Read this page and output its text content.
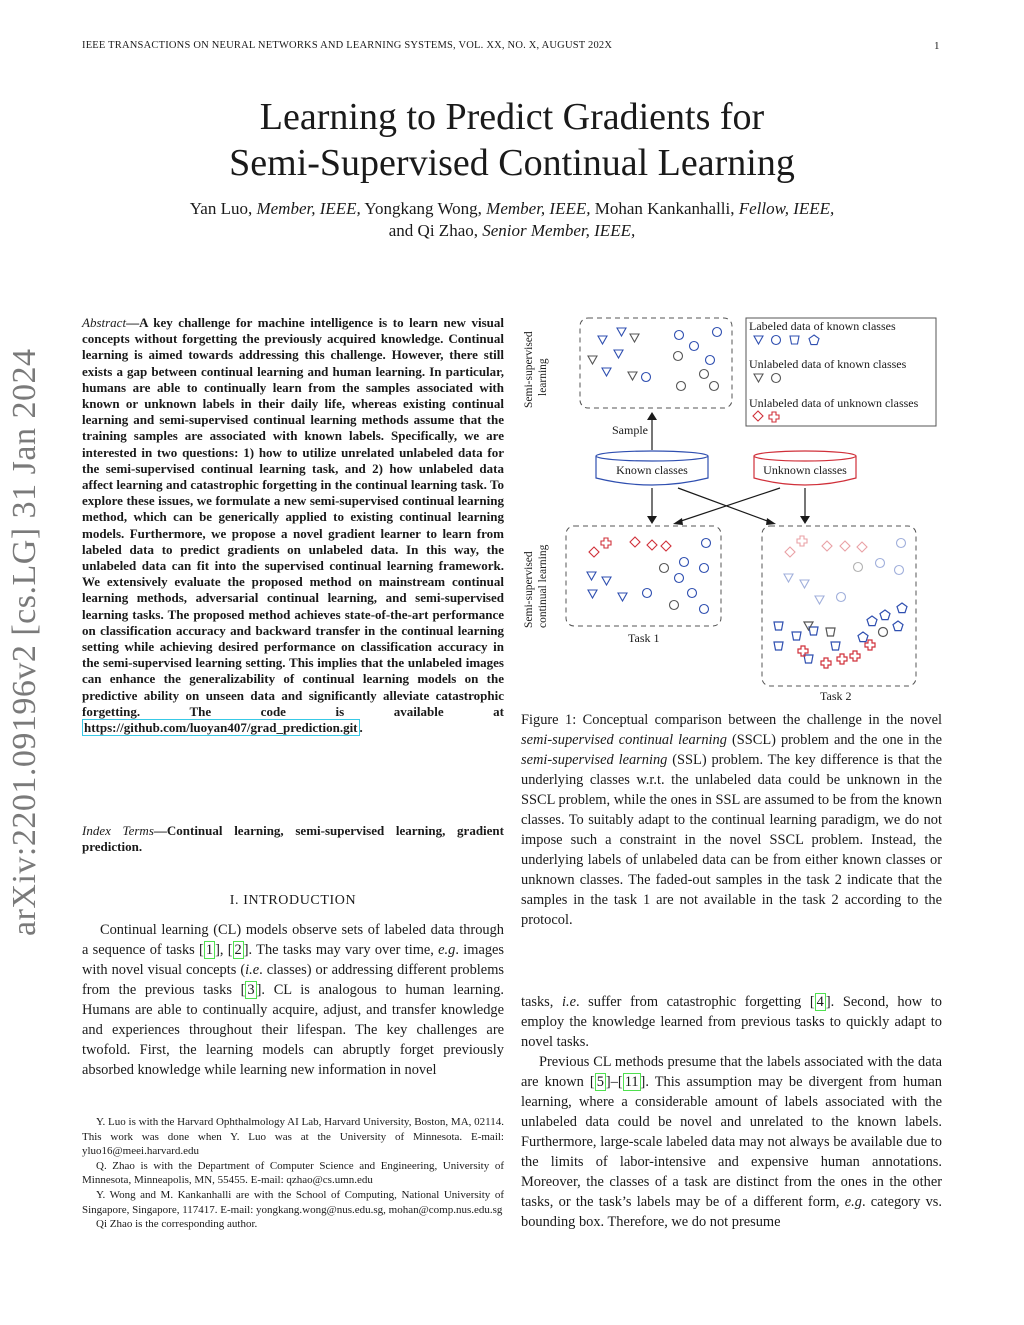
IEEE TRANSACTIONS ON NEURAL NETWORKS AND LEARNING SYSTEMS, VOL. XX, NO. X, AUGUST 202X	1
arXiv:2201.09196v2 [cs.LG] 31 Jan 2024
Learning to Predict Gradients for
Semi-Supervised Continual Learning
Yan Luo, Member, IEEE, Yongkang Wong, Member, IEEE, Mohan Kankanhalli, Fellow, IEEE,
and Qi Zhao, Senior Member, IEEE,
Abstract—A key challenge for machine intelligence is to learn new visual concepts without forgetting the previously acquired knowledge. Continual learning is aimed towards addressing this challenge. However, there still exists a gap between continual learning and human learning. In particular, humans are able to continually learn from the samples associated with known or unknown labels in their daily life, whereas existing continual learning and semi-supervised continual learning methods assume that the training samples are associated with known labels. Specifically, we are interested in two questions: 1) how to utilize unrelated unlabeled data for the semi-supervised continual learning task, and 2) how unlabeled data affect learning and catastrophic forgetting in the continual learning task. To explore these issues, we formulate a new semi-supervised continual learning method, which can be generically applied to existing continual learning models. Furthermore, we propose a novel gradient learner to learn from labeled data to predict gradients on unlabeled data. In this way, the unlabeled data can fit into the supervised continual learning framework. We extensively evaluate the proposed method on mainstream continual learning methods, adversarial continual learning, and semi-supervised learning tasks. The proposed method achieves state-of-the-art performance on classification accuracy and backward transfer in the continual learning setting while achieving desired performance on classification accuracy in the semi-supervised learning setting. This implies that the unlabeled images can enhance the generalizability of continual learning models on the predictive ability on unseen data and significantly alleviate catastrophic forgetting. The code is available at https://github.com/luoyan407/grad_prediction.git .
Index Terms—Continual learning, semi-supervised learning, gradient prediction.
I. INTRODUCTION
Continual learning (CL) models observe sets of labeled data through a sequence of tasks [ 1 ], [ 2 ]. The tasks may vary over time, e.g. images with novel visual concepts (i.e. classes) or addressing different problems from the previous tasks [ 3 ]. CL is analogous to human learning. Humans are able to continually acquire, adjust, and transfer knowledge and experiences throughout their lifespan. The key challenges are twofold. First, the learning models can abruptly forget previously absorbed knowledge while learning new information in novel

Y. Luo is with the Harvard Ophthalmology AI Lab, Harvard University, Boston, MA, 02114. This work was done when Y. Luo was at the University of Minnesota. E-mail: yluo16@meei.harvard.edu

Q. Zhao is with the Department of Computer Science and Engineering, University of Minnesota, Minneapolis, MN, 55455. E-mail: qzhao@cs.umn.edu

Y. Wong and M. Kankanhalli are with the School of Computing, National University of Singapore, Singapore, 117417. E-mail: yongkang.wong@nus.edu.sg, mohan@comp.nus.edu.sg

Qi Zhao is the corresponding author.

Semi-supervised learning
Semi-supervised continual learning
Labeled data of known classes
Unlabeled data of known classes
Unlabeled data of unknown classes
Sample
Known classes	Unknown classes
Task 1
Task 2
Figure 1: Conceptual comparison between the challenge in the novel semi-supervised continual learning (SSCL) problem and the one in the semi-supervised learning (SSL) problem. The key difference is that the underlying classes w.r.t. the unlabeled data could be unknown in the SSCL problem, while the ones in SSL are assumed to be from the known classes. To suitably adapt to the continual learning paradigm, we do not impose such a constraint in the novel SSCL problem. Instead, the underlying labels of unlabeled data can be from either known classes or unknown classes. The faded-out samples in the task 2 indicate that the samples in the task 1 are not available in the task 2 according to the protocol.
tasks, i.e. suffer from catastrophic forgetting [ 4 ]. Second, how to employ the knowledge learned from previous tasks to quickly adapt to novel tasks.
Previous CL methods presume that the labels associated with the data are known [ 5 ]–[ 11 ]. This assumption may be divergent from human learning, where a considerable amount of labels associated with the unlabeled data could be novel and unrelated to the known labels. Furthermore, large-scale labeled data may not always be available due to the limits of labor-intensive and expensive human annotations. Moreover, the classes of a task are distinct from the ones in the other tasks, or the task’s labels may be of a different form, e.g. category vs. bounding box. Therefore, we do not presume
